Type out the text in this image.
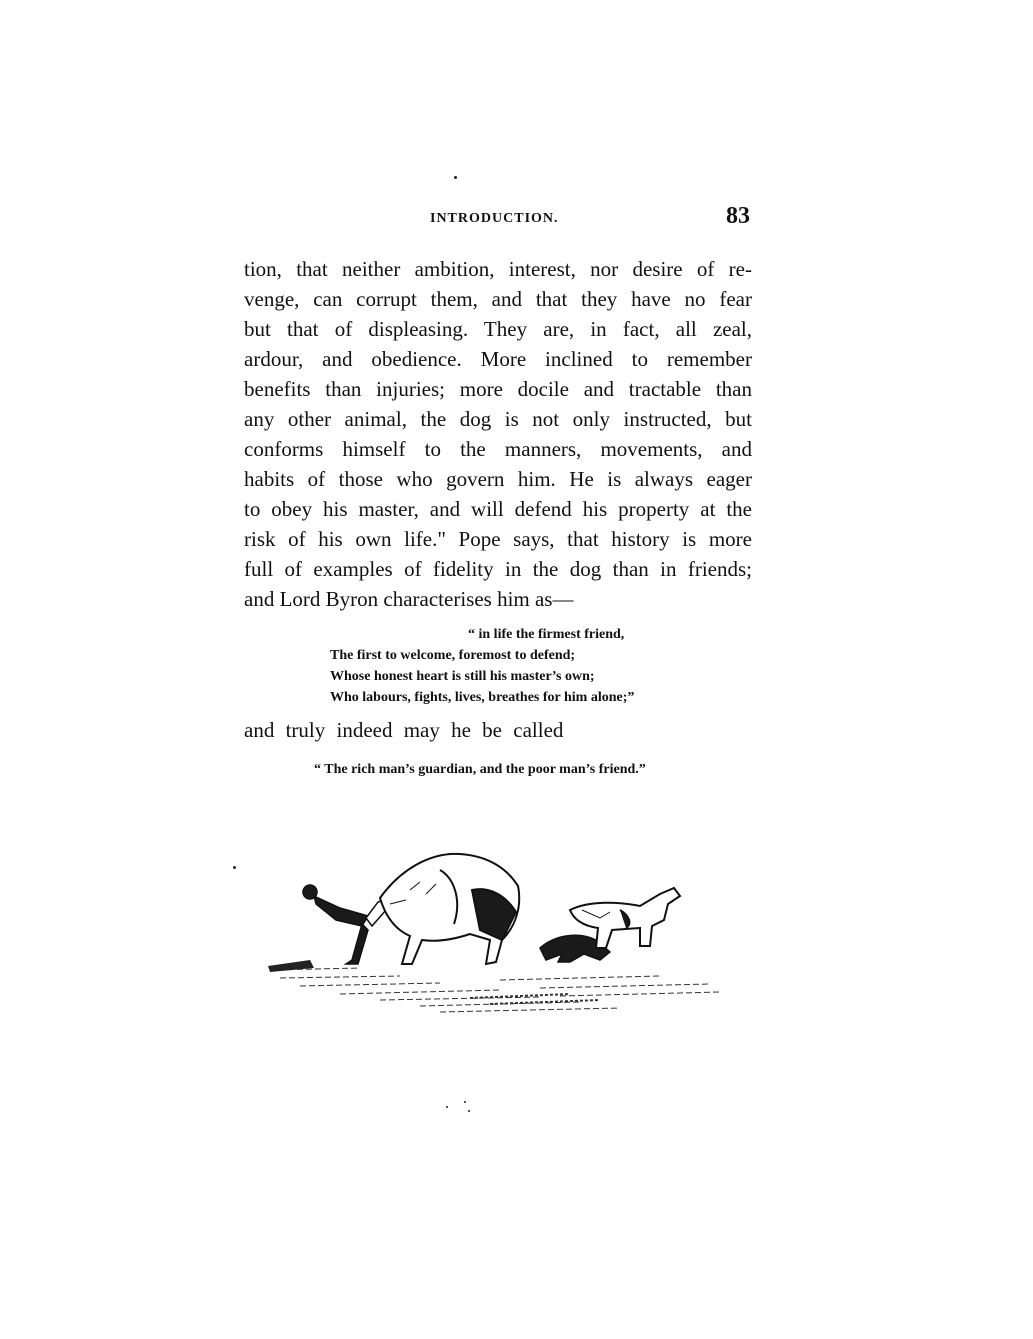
INTRODUCTION.	83
tion, that neither ambition, interest, nor desire of re-
venge, can corrupt them, and that they have no fear
but that of displeasing. They are, in fact, all zeal,
ardour, and obedience. More inclined to remember
benefits than injuries; more docile and tractable than
any other animal, the dog is not only instructed, but
conforms himself to the manners, movements, and
habits of those who govern him. He is always eager
to obey his master, and will defend his property at the
risk of his own life." Pope says, that history is more
full of examples of fidelity in the dog than in friends;
and Lord Byron characterises him as—
“ in life the firmest friend,
The first to welcome, foremost to defend;
Whose honest heart is still his master’s own;
Who labours, fights, lives, breathes for him alone;”
and truly indeed may he be called
“ The rich man’s guardian, and the poor man’s friend.”
